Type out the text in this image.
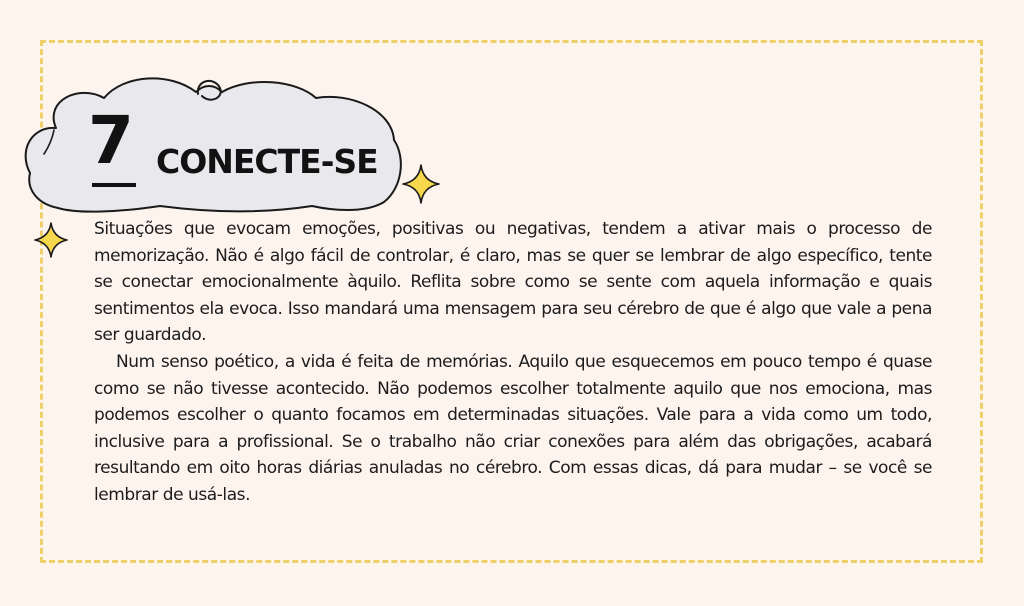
7 CONECTE-SE

Situações que evocam emoções, positivas ou negativas, tendem a ativar mais o processo de memorização. Não é algo fácil de controlar, é claro, mas se quer se lembrar de algo específico, tente se conectar emocionalmente àquilo. Reflita sobre como se sente com aquela informação e quais sentimentos ela evoca. Isso mandará uma mensagem para seu cérebro de que é algo que vale a pena ser guardado.

Num senso poético, a vida é feita de memórias. Aquilo que esquecemos em pouco tempo é quase como se não tivesse acontecido. Não podemos escolher totalmente aquilo que nos emociona, mas podemos escolher o quanto focamos em determinadas situações. Vale para a vida como um todo, inclusive para a profissional. Se o trabalho não criar conexões para além das obrigações, acabará resultando em oito horas diárias anuladas no cérebro. Com essas dicas, dá para mudar – se você se lembrar de usá-las.
